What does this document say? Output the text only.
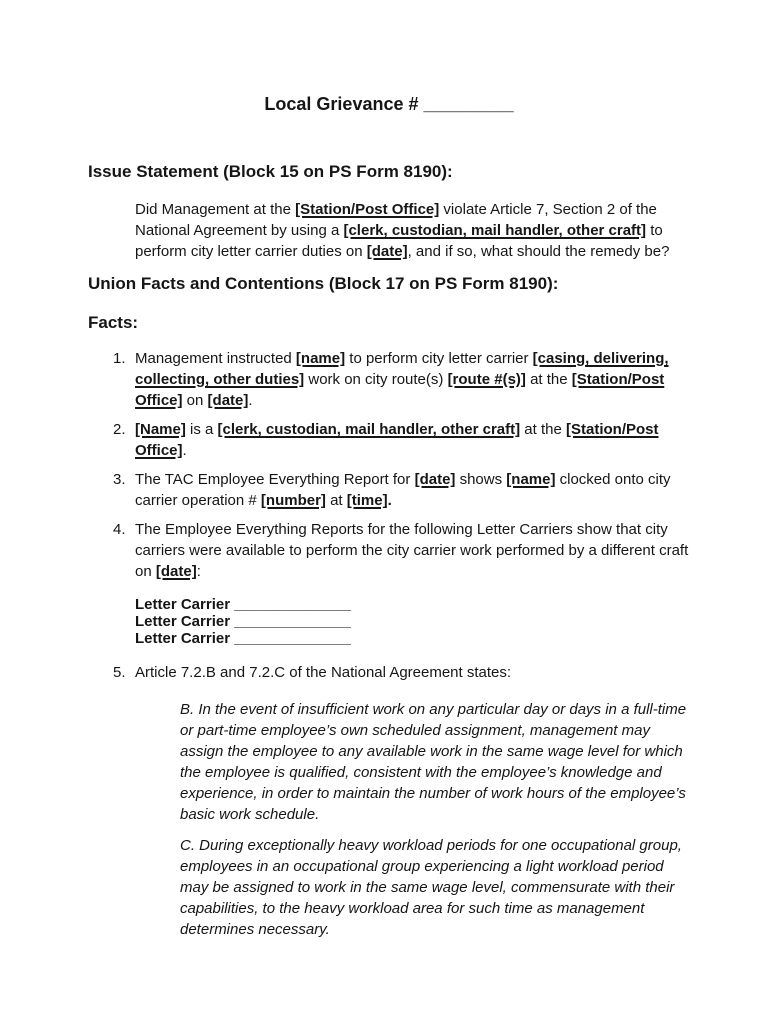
Local Grievance # _________
Issue Statement (Block 15 on PS Form 8190):

Did Management at the [Station/Post Office] violate Article 7, Section 2 of the National Agreement by using a [clerk, custodian, mail handler, other craft] to perform city letter carrier duties on [date], and if so, what should the remedy be?

Union Facts and Contentions (Block 17 on PS Form 8190):
Facts:
1. Management instructed [name] to perform city letter carrier [casing, delivering, collecting, other duties] work on city route(s) [route #(s)] at the [Station/Post Office] on [date].
2. [Name] is a [clerk, custodian, mail handler, other craft] at the [Station/Post Office].
3. The TAC Employee Everything Report for [date] shows [name] clocked onto city carrier operation # [number] at [time].
4. The Employee Everything Reports for the following Letter Carriers show that city carriers were available to perform the city carrier work performed by a different craft on [date]:
Letter Carrier ______________
Letter Carrier ______________
Letter Carrier ______________
5. Article 7.2.B and 7.2.C of the National Agreement states:

B. In the event of insufficient work on any particular day or days in a full-time or part-time employee’s own scheduled assignment, management may assign the employee to any available work in the same wage level for which the employee is qualified, consistent with the employee’s knowledge and experience, in order to maintain the number of work hours of the employee’s basic work schedule.

C. During exceptionally heavy workload periods for one occupational group, employees in an occupational group experiencing a light workload period may be assigned to work in the same wage level, commensurate with their capabilities, to the heavy workload area for such time as management determines necessary.
